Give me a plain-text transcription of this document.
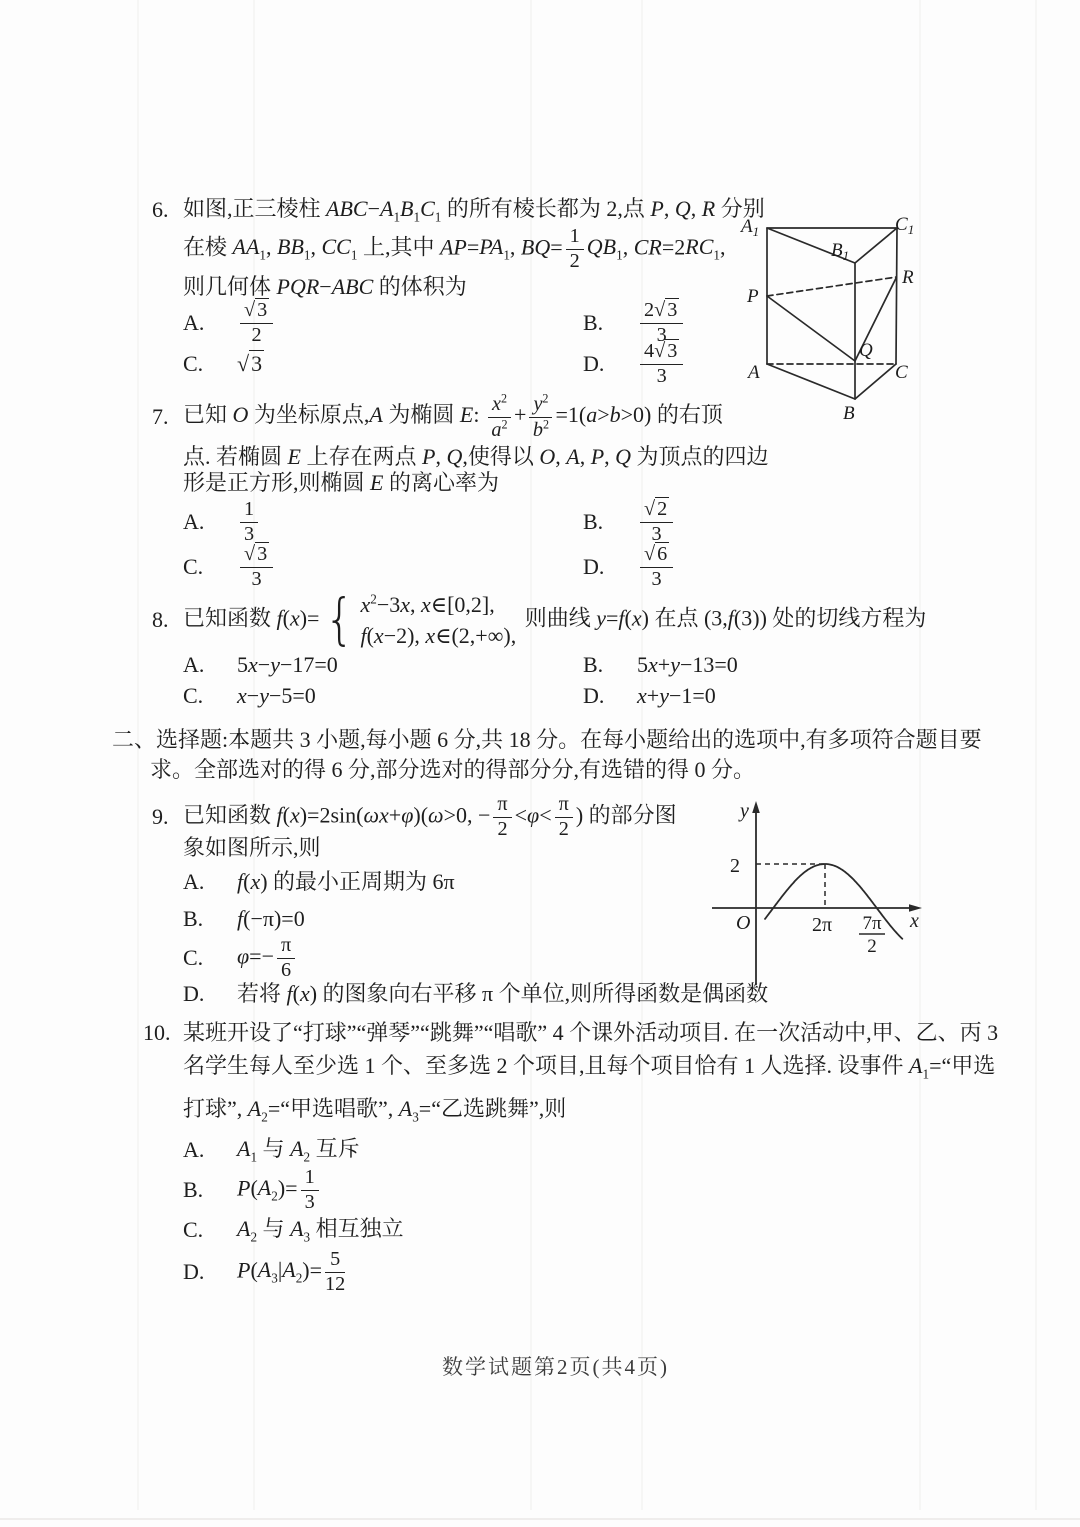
6. 如图,正三棱柱 $ABC-A_1B_1C_1$ 的所有棱长都为 2,点 P, Q, R 分别
在棱 $AA_1$, $BB_1$, $CC_1$ 上,其中 $AP=PA_1$, $BQ= \frac{1}{2} QB_1$, $CR=2RC_1$,
则几何体 PQR−ABC 的体积为
A.	$\frac{√3}{2}$	B.	$\frac{2√3}{3}$
C.	√3	D.	$\frac{4√3}{3}$
$A_1$	$C_1$
$B_1$
R
P
Q
A	C
B
7. 已知 O 为坐标原点,A 为椭圆 E: $\frac{x^2}{a^2} + \frac{y^2}{b^2} =1(a>b>0)$ 的右顶
点. 若椭圆 E 上存在两点 P, Q,使得以 O, A, P, Q 为顶点的四边
形是正方形,则椭圆 E 的离心率为
A.	$\frac{1}{3}$	B.	$\frac{√2}{3}$
C.	$\frac{√3}{3}$	D.	$\frac{√6}{3}$
8. 已知函数 f(x)= { $x^2-3x$, x∈[0,2],
f(x−2), x∈(2,+∞),
则曲线 y=f(x) 在点 (3,f(3)) 处的切线方程为
A.	5x−y−17=0	B.	5x+y−13=0
C.	x−y−5=0	D.	x+y−1=0
二、选择题:本题共 3 小题,每小题 6 分,共 18 分。在每小题给出的选项中,有多项符合题目要
求。全部选对的得 6 分,部分选对的得部分分,有选错的得 0 分。
9. 已知函数 f(x)=2sin(ωx+φ)(ω>0, − $\frac{\pi}{2} <\varphi< \frac{\pi}{2}$ ) 的部分图
象如图所示,则
A.	f(x) 的最小正周期为 6π
B.	f(−π)=0
C.	$\varphi=- \frac{\pi}{6}$
D.	若将 f(x) 的图象向右平移 π 个单位,则所得函数是偶函数
y
x
O
2
2π 7π
2
10. 某班开设了“打球”“弹琴”“跳舞”“唱歌” 4 个课外活动项目. 在一次活动中,甲、乙、丙 3
名学生每人至少选 1 个、至多选 2 个项目,且每个项目恰有 1 人选择. 设事件 $A_1=“$甲选
打球”, $A_2=“$甲选唱歌”, $A_3=“$乙选跳舞”,则
A.	$A_1$ 与 $A_2$ 互斥
B.	$P(A_2)= \frac{1}{3}$
C.	$A_2$ 与 $A_3$ 相互独立
D.	$P(A_3|A_2)= \frac{5}{12}$
数学试题第2页(共4页)
